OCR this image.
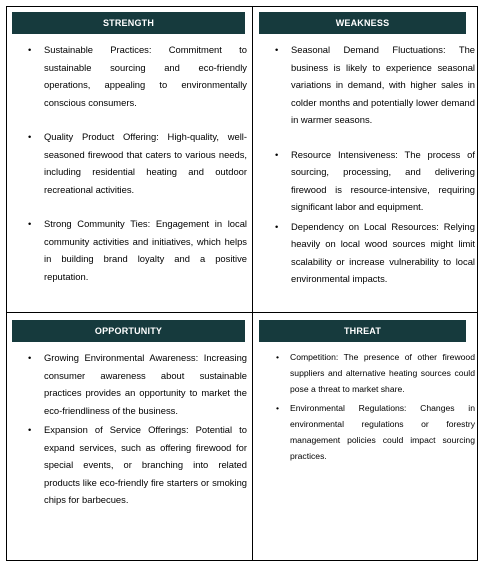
STRENGTH
• Sustainable Practices: Commitment to sustainable sourcing and eco-friendly operations, appealing to environmentally conscious consumers.
• Quality Product Offering: High-quality, well-seasoned firewood that caters to various needs, including residential heating and outdoor recreational activities.
• Strong Community Ties: Engagement in local community activities and initiatives, which helps in building brand loyalty and a positive reputation.
WEAKNESS
• Seasonal Demand Fluctuations: The business is likely to experience seasonal variations in demand, with higher sales in colder months and potentially lower demand in warmer seasons.
• Resource Intensiveness: The process of sourcing, processing, and delivering firewood is resource-intensive, requiring significant labor and equipment.
• Dependency on Local Resources: Relying heavily on local wood sources might limit scalability or increase vulnerability to local environmental impacts.
OPPORTUNITY
• Growing Environmental Awareness: Increasing consumer awareness about sustainable practices provides an opportunity to market the eco-friendliness of the business.
• Expansion of Service Offerings: Potential to expand services, such as offering firewood for special events, or branching into related products like eco-friendly fire starters or smoking chips for barbecues.
THREAT
• Competition: The presence of other firewood suppliers and alternative heating sources could pose a threat to market share.
• Environmental Regulations: Changes in environmental regulations or forestry management policies could impact sourcing practices.
